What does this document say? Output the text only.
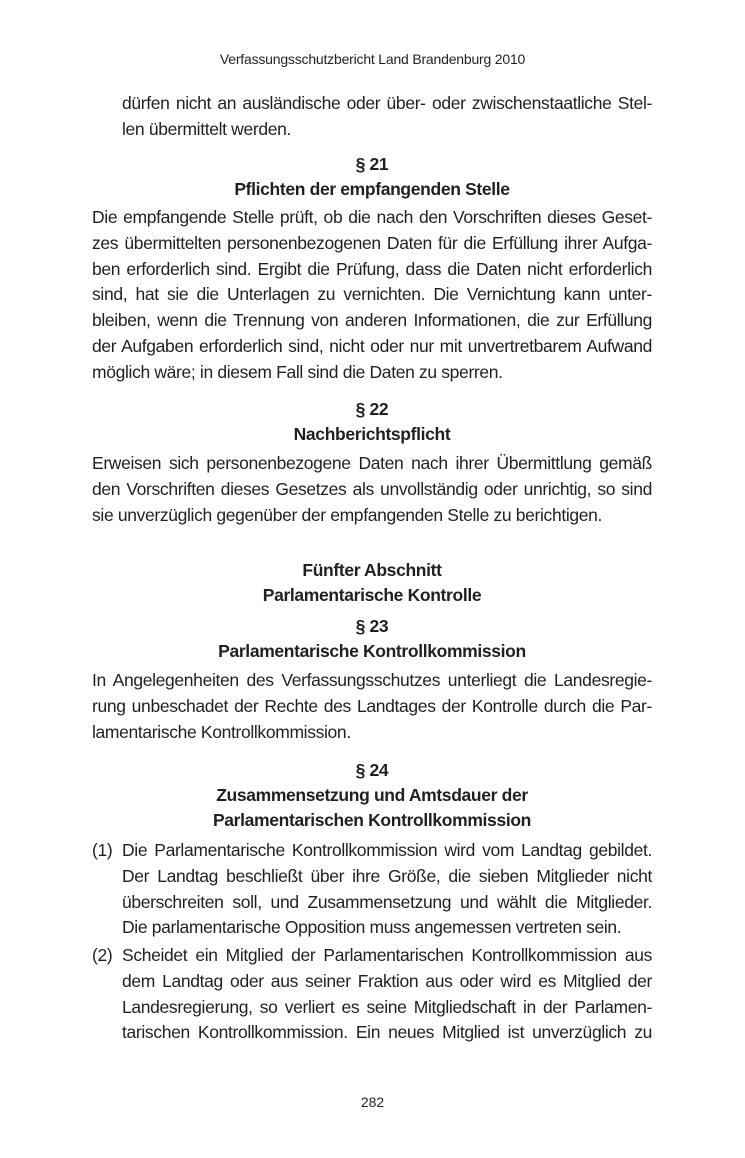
Verfassungsschutzbericht Land Brandenburg 2010
dürfen nicht an ausländische oder über- oder zwischenstaatliche Stel-
len übermittelt werden.
§ 21
Pflichten der empfangenden Stelle
Die empfangende Stelle prüft, ob die nach den Vorschriften dieses Geset-
zes übermittelten personenbezogenen Daten für die Erfüllung ihrer Aufga-
ben erforderlich sind. Ergibt die Prüfung, dass die Daten nicht erforderlich
sind, hat sie die Unterlagen zu vernichten. Die Vernichtung kann unter-
bleiben, wenn die Trennung von anderen Informationen, die zur Erfüllung
der Aufgaben erforderlich sind, nicht oder nur mit unvertretbarem Aufwand
möglich wäre; in diesem Fall sind die Daten zu sperren.
§ 22
Nachberichtspflicht
Erweisen sich personenbezogene Daten nach ihrer Übermittlung gemäß
den Vorschriften dieses Gesetzes als unvollständig oder unrichtig, so sind
sie unverzüglich gegenüber der empfangenden Stelle zu berichtigen.
Fünfter Abschnitt
Parlamentarische Kontrolle
§ 23
Parlamentarische Kontrollkommission
In Angelegenheiten des Verfassungsschutzes unterliegt die Landesregie-
rung unbeschadet der Rechte des Landtages der Kontrolle durch die Par-
lamentarische Kontrollkommission.
§ 24
Zusammensetzung und Amtsdauer der
Parlamentarischen Kontrollkommission
(1) Die Parlamentarische Kontrollkommission wird vom Landtag gebildet.
Der Landtag beschließt über ihre Größe, die sieben Mitglieder nicht
überschreiten soll, und Zusammensetzung und wählt die Mitglieder.
Die parlamentarische Opposition muss angemessen vertreten sein.
(2) Scheidet ein Mitglied der Parlamentarischen Kontrollkommission aus
dem Landtag oder aus seiner Fraktion aus oder wird es Mitglied der
Landesregierung, so verliert es seine Mitgliedschaft in der Parlamen-
tarischen Kontrollkommission. Ein neues Mitglied ist unverzüglich zu
282
